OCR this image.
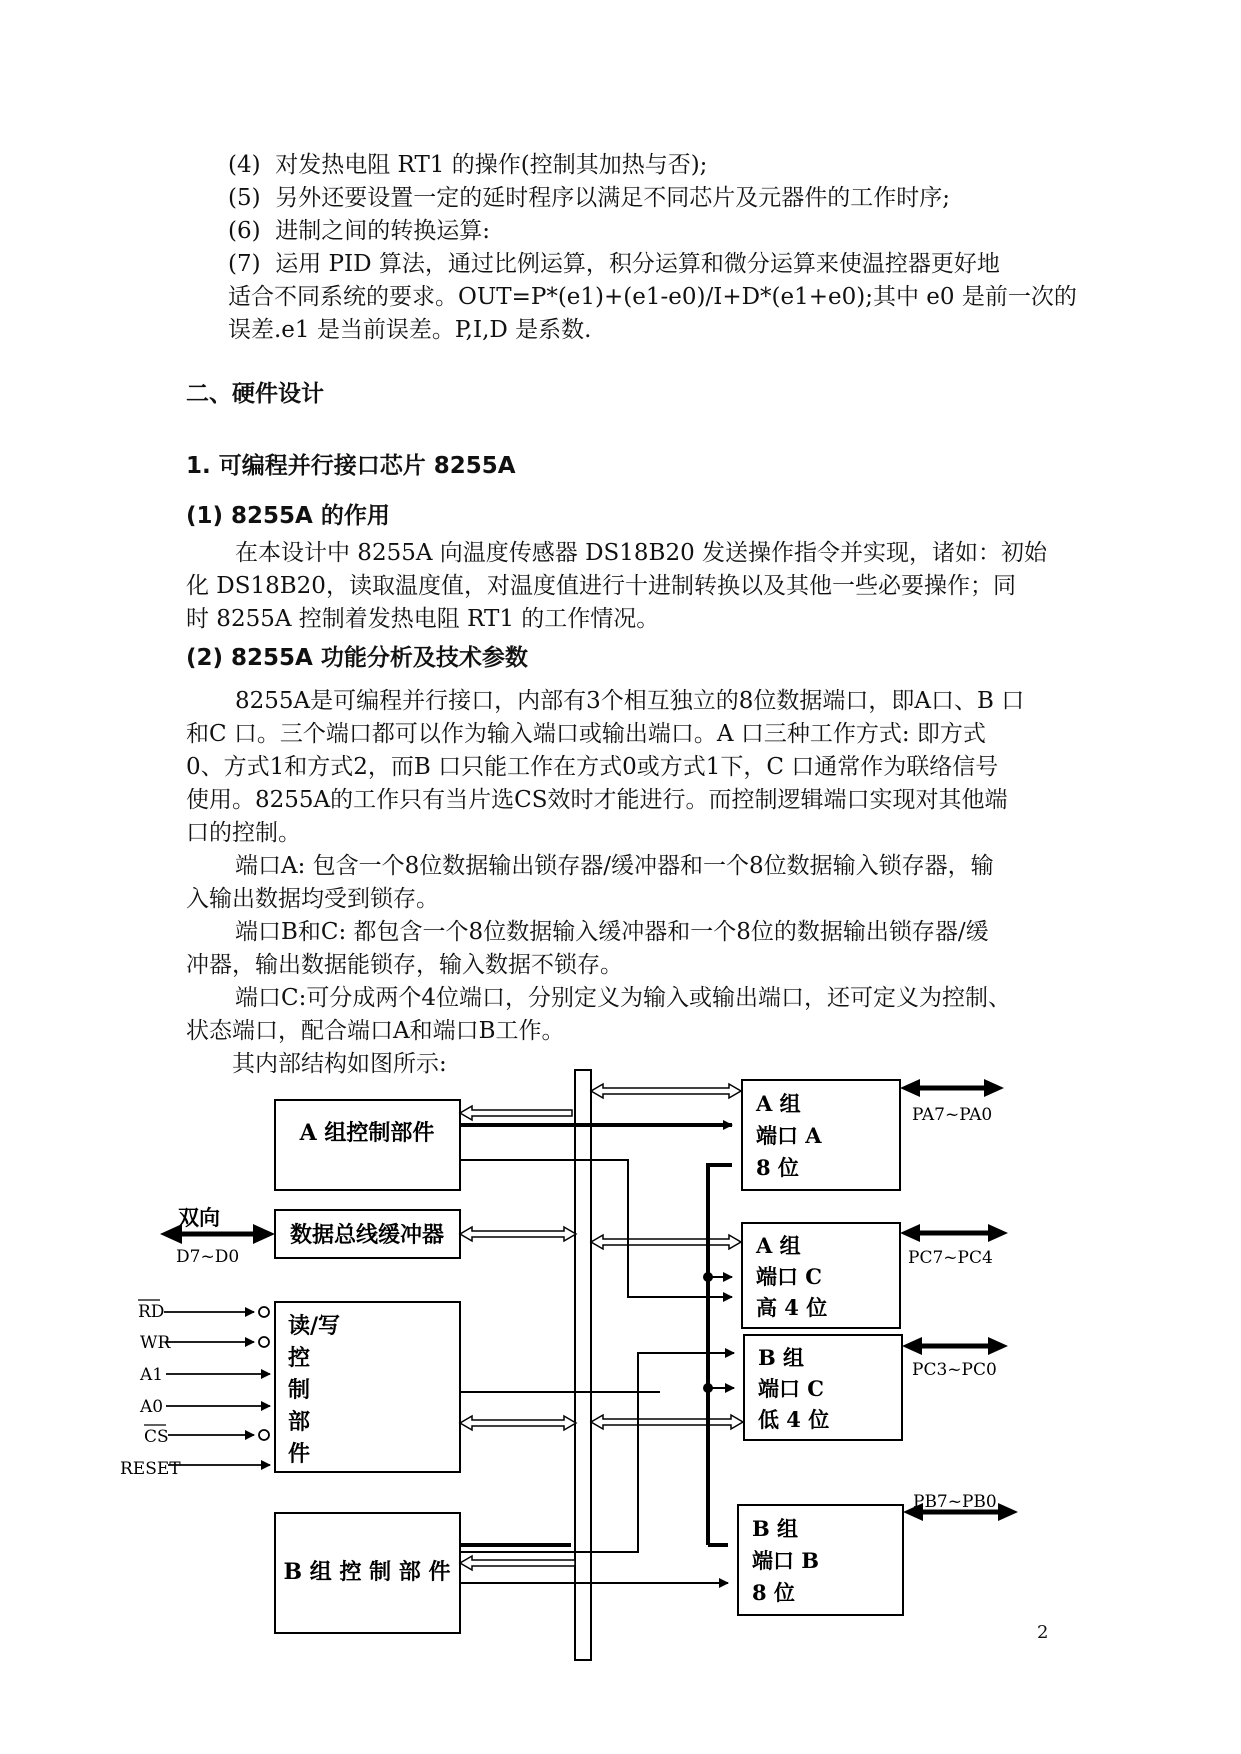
(4) 对发热电阻 RT1 的操作(控制其加热与否);
(5) 另外还要设置一定的延时程序以满足不同芯片及元器件的工作时序;
(6) 进制之间的转换运算:
(7) 运用 PID 算法，通过比例运算，积分运算和微分运算来使温控器更好地
适合不同系统的要求。OUT=P*(e1)+(e1-e0)/I+D*(e1+e0);其中 e0 是前一次的
误差.e1 是当前误差。P,I,D 是系数.
二、硬件设计
1. 可编程并行接口芯片 8255A
(1) 8255A 的作用
在本设计中 8255A 向温度传感器 DS18B20 发送操作指令并实现，诸如：初始
化 DS18B20，读取温度值，对温度值进行十进制转换以及其他一些必要操作；同
时 8255A 控制着发热电阻 RT1 的工作情况。
(2) 8255A 功能分析及技术参数
8255A是可编程并行接口，内部有3个相互独立的8位数据端口，即A口、B 口
和C 口。三个端口都可以作为输入端口或输出端口。A 口三种工作方式: 即方式
0、方式1和方式2，而B 口只能工作在方式0或方式1下，C 口通常作为联络信号
使用。8255A的工作只有当片选CS效时才能进行。而控制逻辑端口实现对其他端
口的控制。
端口A: 包含一个8位数据输出锁存器/缓冲器和一个8位数据输入锁存器，输
入输出数据均受到锁存。
端口B和C: 都包含一个8位数据输入缓冲器和一个8位的数据输出锁存器/缓
冲器，输出数据能锁存，输入数据不锁存。
端口C:可分成两个4位端口，分别定义为输入或输出端口，还可定义为控制、
状态端口，配合端口A和端口B工作。
其内部结构如图所示:
A 组控制部件
数据总线缓冲器
读/写
控
制
部
件
B 组 控 制 部 件
A 组
端口 A
8 位
A 组
端口 C
高 4 位
B 组
端口 C
低 4 位
B 组
端口 B
8 位
PA7~PA0
PC7~PC4
PC3~PC0
PB7~PB0
双向
D7~D0
RD
WR
A1
A0
CS
RESET
2
